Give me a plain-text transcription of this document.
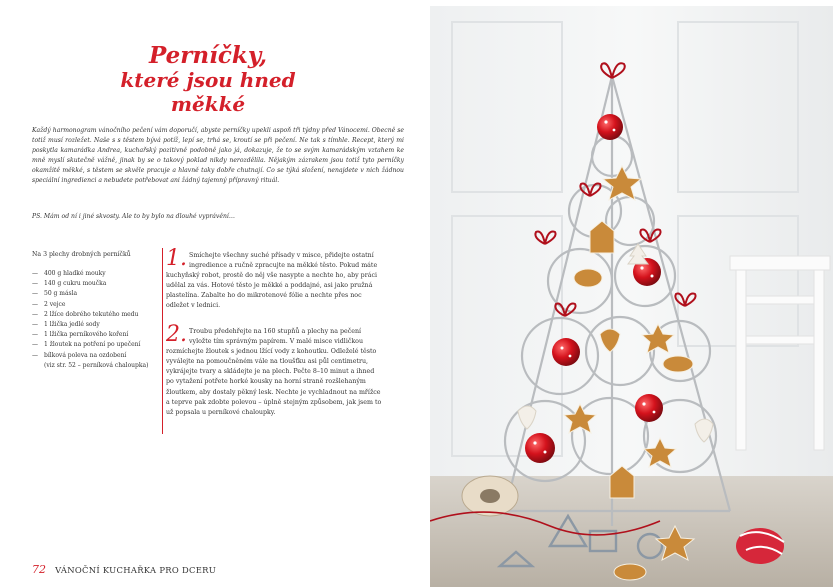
Perníčky,
které jsou hned měkké
Každý harmonogram vánočního pečení vám doporučí, abyste perníčky upekli aspoň tři týdny před Vánocemi. Obecně se totiž musí rozležet. Naše s s těstem bývá potíž, lepí se, trhá se, kroutí se při pečení. Ne tak s tímhle. Recept, který mi poskytla kamarádka Andrea, kuchařský pozitivně podobně jako já, dokazuje, že to se svým kamarádským vztahem ke mně myslí skutečně vážně, jinak by se o takový poklad nikdy nerozdělila. Nějakým zázrakem jsou totiž tyto perníčky okamžitě měkké, s těstem se skvěle pracuje a hlavně taky dobře chutnají. Co se týká složení, nenajdete v nich žádnou speciální ingredienci a nebudete potřebovat ani žádný tajemný přípravný rituál.
PS. Mám od ní i jiné skvosty. Ale to by bylo na dlouhé vyprávění…
Na 3 plechy drobných perníčků
— 400 g hladké mouky
— 140 g cukru moučka
— 50 g másla
— 2 vejce
— 2 lžíce dobrého tekutého medu
— 1 lžička jedlé sody
— 1 lžička perníkového koření
— 1 žloutek na potření po upečení
— bílková poleva na ozdobení
(viz str. 52 – perníková chaloupka)
1. Smíchejte všechny suché přísady v misce, přidejte ostatní ingredience a ručně zpracujte na měkké těsto. Pokud máte kuchyňský robot, prostě do něj vše nasypte a nechte ho, aby práci udělal za vás. Hotové těsto je měkké a poddajné, asi jako pružná plastelína. Zabalte ho do mikrotenové fólie a nechte přes noc odležet v lednici.
2. Troubu předehřejte na 160 stupňů a plechy na pečení vyložte tím správným papírem. V malé misce vidličkou rozmíchejte žloutek s jednou lžící vody z kohoutku. Odleželé těsto vyválejte na pomoučněném válе na tloušťku asi půl centimetru, vykrájejte tvary a skládejte je na plech. Pečte 8–10 minut a ihned po vytažení potřete horké kousky na horní straně rozšlehaným žloutkem, aby dostaly pěkný lesk. Nechte je vychladnout na mřížce a teprve pak zdobte polevou – úplně stejným způsobem, jak jsem to už popsala u perníkové chaloupky.
72 VÁNOČNÍ KUCHAŘKA PRO DCERU
